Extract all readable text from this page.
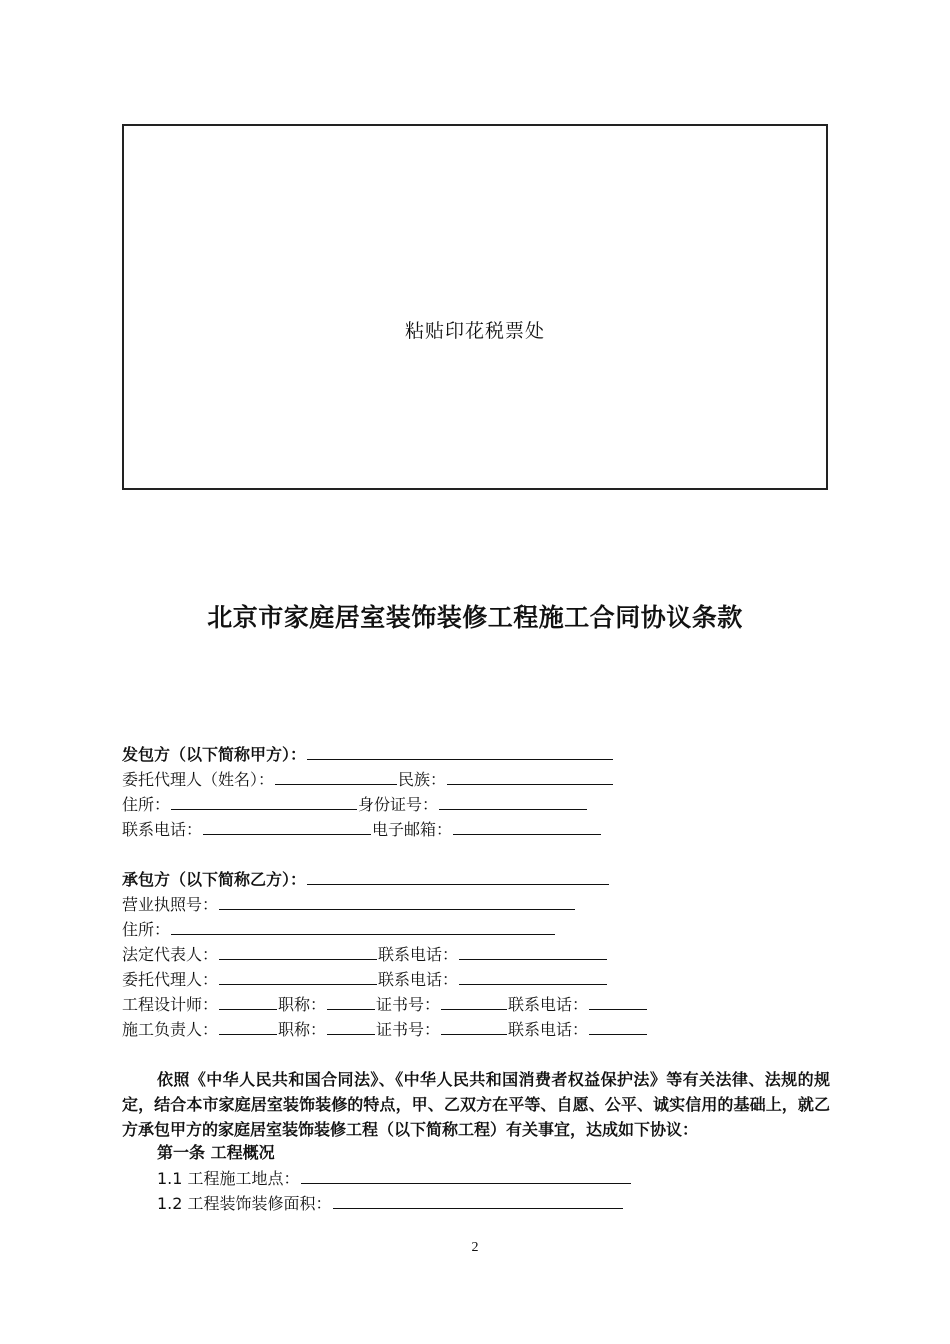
粘贴印花税票处
北京市家庭居室装饰装修工程施工合同协议条款
发包方（以下简称甲方）：
委托代理人（姓名）：	民族：
住所：	身份证号：
联系电话：	电子邮箱：
承包方（以下简称乙方）：
营业执照号：
住所：
法定代表人：	联系电话：
委托代理人：	联系电话：
工程设计师：	职称：	证书号：	联系电话：
施工负责人：	职称：	证书号：	联系电话：
依照《中华人民共和国合同法》、《中华人民共和国消费者权益保护法》等有关法律、法规的规定，结合本市家庭居室装饰装修的特点，甲、乙双方在平等、自愿、公平、诚实信用的基础上，就乙方承包甲方的家庭居室装饰装修工程（以下简称工程）有关事宜，达成如下协议：
第一条 工程概况
1.1 工程施工地点：
1.2 工程装饰装修面积：
2
